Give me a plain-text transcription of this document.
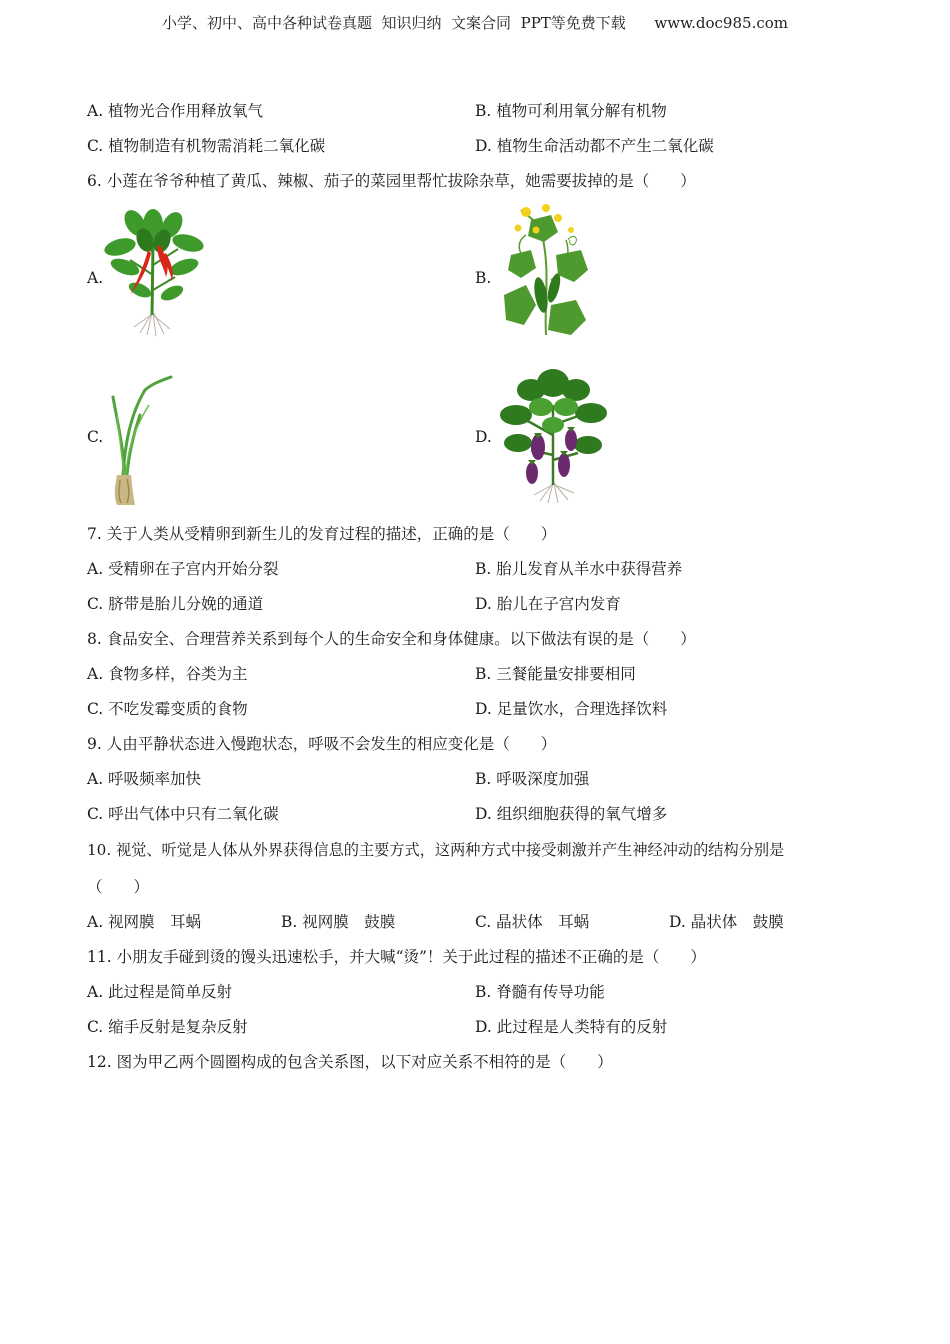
小学、初中、高中各种试卷真题  知识归纳  文案合同  PPT等免费下载      www.doc985.com
A. 植物光合作用释放氧气	B. 植物可利用氧分解有机物
C. 植物制造有机物需消耗二氧化碳	D. 植物生命活动都不产生二氧化碳
6. 小莲在爷爷种植了黄瓜、辣椒、茄子的菜园里帮忙拔除杂草，她需要拔掉的是（　　）
A.	B.
C.	D.
7. 关于人类从受精卵到新生儿的发育过程的描述，正确的是（　　）
A. 受精卵在子宫内开始分裂	B. 胎儿发育从羊水中获得营养
C. 脐带是胎儿分娩的通道	D. 胎儿在子宫内发育
8. 食品安全、合理营养关系到每个人的生命安全和身体健康。以下做法有误的是（　　）
A. 食物多样，谷类为主	B. 三餐能量安排要相同
C. 不吃发霉变质的食物	D. 足量饮水，合理选择饮料
9. 人由平静状态进入慢跑状态，呼吸不会发生的相应变化是（　　）
A. 呼吸频率加快	B. 呼吸深度加强
C. 呼出气体中只有二氧化碳	D. 组织细胞获得的氧气增多
10. 视觉、听觉是人体从外界获得信息的主要方式，这两种方式中接受刺激并产生神经冲动的结构分别是
（　　）
A. 视网膜　耳蜗	B. 视网膜　鼓膜	C. 晶状体　耳蜗	D. 晶状体　鼓膜
11. 小朋友手碰到烫的馒头迅速松手，并大喊“烫”！关于此过程的描述不正确的是（　　）
A. 此过程是简单反射	B. 脊髓有传导功能
C. 缩手反射是复杂反射	D. 此过程是人类特有的反射
12. 图为甲乙两个圆圈构成的包含关系图，以下对应关系不相符的是（　　）
